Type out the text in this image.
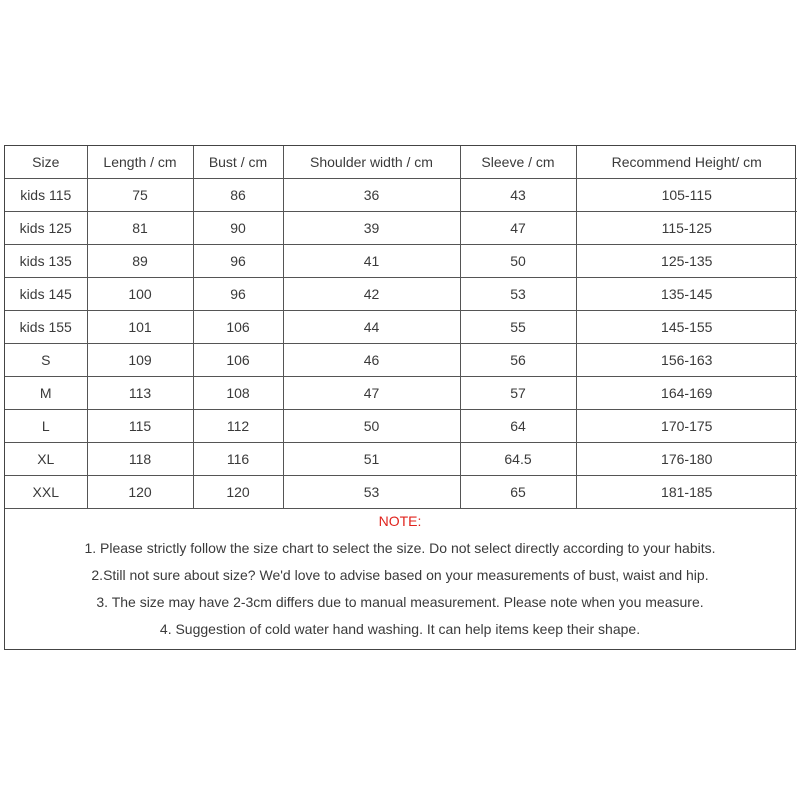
Size	Length / cm	Bust / cm	Shoulder width / cm	Sleeve / cm	Recommend Height/ cm
kids 115	75	86	36	43	105-115
kids 125	81	90	39	47	115-125
kids 135	89	96	41	50	125-135
kids 145	100	96	42	53	135-145
kids 155	101	106	44	55	145-155
S	109	106	46	56	156-163
M	113	108	47	57	164-169
L	115	112	50	64	170-175
XL	118	116	51	64.5	176-180
XXL	120	120	53	65	181-185
NOTE:
1. Please strictly follow the size chart to select the size. Do not select directly according to your habits.
2.Still not sure about size? We'd love to advise based on your measurements of bust, waist and hip.
3. The size may have 2-3cm differs due to manual measurement. Please note when you measure.
4. Suggestion of cold water hand washing. It can help items keep their shape.
